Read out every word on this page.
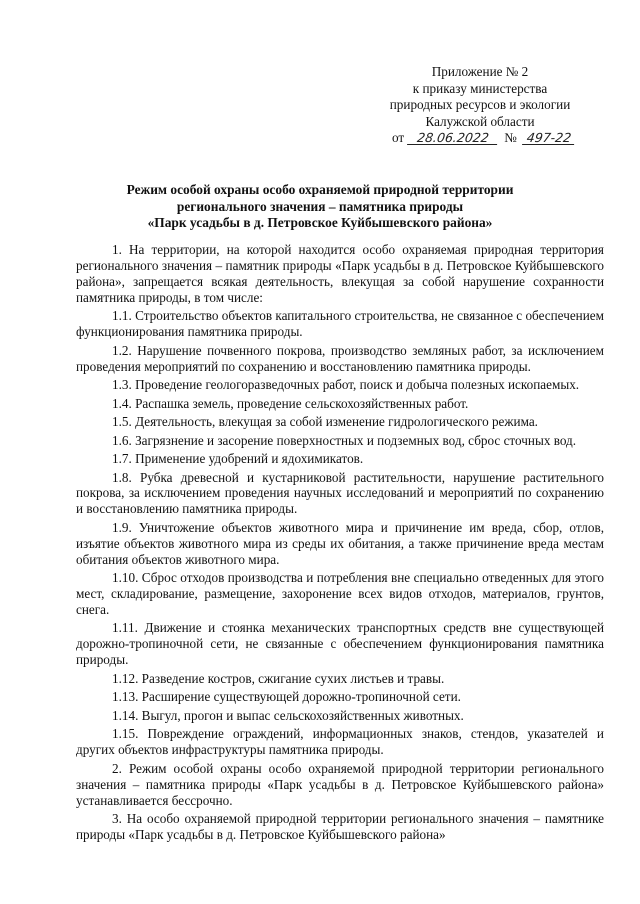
Приложение № 2
к приказу министерства
природных ресурсов и экологии
Калужской области
от 28.06.2022 № 497-22
Режим особой охраны особо охраняемой природной территории
регионального значения – памятника природы
«Парк усадьбы в д. Петровское Куйбышевского района»

1. На территории, на которой находится особо охраняемая природная территория регионального значения – памятник природы «Парк усадьбы в д. Петровское Куйбышевского района», запрещается всякая деятельность, влекущая за собой нарушение сохранности памятника природы, в том числе:

1.1. Строительство объектов капитального строительства, не связанное с обеспечением функционирования памятника природы.

1.2. Нарушение почвенного покрова, производство земляных работ, за исключением проведения мероприятий по сохранению и восстановлению памятника природы.

1.3. Проведение геологоразведочных работ, поиск и добыча полезных ископаемых.

1.4. Распашка земель, проведение сельскохозяйственных работ.

1.5. Деятельность, влекущая за собой изменение гидрологического режима.

1.6. Загрязнение и засорение поверхностных и подземных вод, сброс сточных вод.

1.7. Применение удобрений и ядохимикатов.

1.8. Рубка древесной и кустарниковой растительности, нарушение растительного покрова, за исключением проведения научных исследований и мероприятий по сохранению и восстановлению памятника природы.

1.9. Уничтожение объектов животного мира и причинение им вреда, сбор, отлов, изъятие объектов животного мира из среды их обитания, а также причинение вреда местам обитания объектов животного мира.

1.10. Сброс отходов производства и потребления вне специально отведенных для этого мест, складирование, размещение, захоронение всех видов отходов, материалов, грунтов, снега.

1.11. Движение и стоянка механических транспортных средств вне существующей дорожно-тропиночной сети, не связанные с обеспечением функционирования памятника природы.

1.12. Разведение костров, сжигание сухих листьев и травы.

1.13. Расширение существующей дорожно-тропиночной сети.

1.14. Выгул, прогон и выпас сельскохозяйственных животных.

1.15. Повреждение ограждений, информационных знаков, стендов, указателей и других объектов инфраструктуры памятника природы.

2. Режим особой охраны особо охраняемой природной территории регионального значения – памятника природы «Парк усадьбы в д. Петровское Куйбышевского района» устанавливается бессрочно.

3. На особо охраняемой природной территории регионального значения – памятнике природы «Парк усадьбы в д. Петровское Куйбышевского района»
